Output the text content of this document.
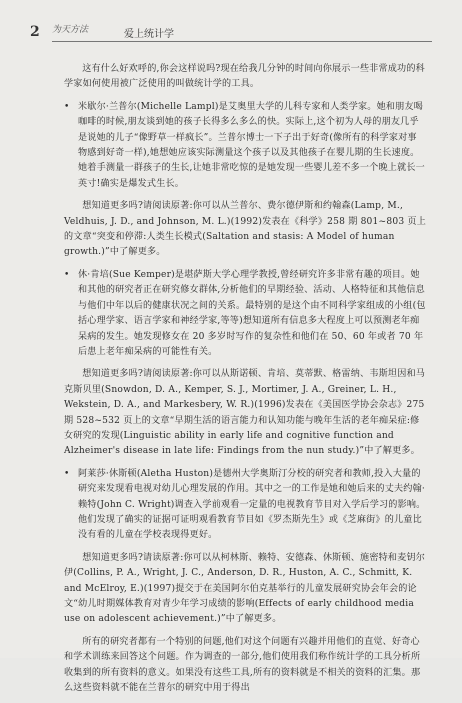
2 为天方法	爱上统计学

这有什么好欢呼的,你会这样说吗?现在给我几分钟的时间向你展示一些非常成功的科学家如何使用被广泛使用的叫做统计学的工具。

• 米歇尔·兰普尔(Michelle Lampl)是艾奥里大学的儿科专家和人类学家。她和朋友喝咖啡的时候,朋友谈到她的孩子长得多么多么的快。实际上,这个初为人母的朋友几乎是说她的儿子“像野草一样疯长”。兰普尔博士一下子出于好奇(像所有的科学家对事物感到好奇一样),她想她应该实际测量这个孩子以及其他孩子在婴儿期的生长速度。她着手测量一群孩子的生长,让她非常吃惊的是她发现一些婴儿差不多一个晚上就长一英寸!确实是爆发式生长。

想知道更多吗?请阅读原著:你可以从兰普尔、费尔德伊斯和约翰森(Lamp, M., Veldhuis, J. D., and Johnson, M. L.)(1992)发表在《科学》258 期 801~803 页上的文章“突变和停滞:人类生长模式(Saltation and stasis: A Model of human growth.)”中了解更多。

• 休·肯培(Sue Kemper)是堪萨斯大学心理学教授,曾经研究许多非常有趣的项目。她和其他的研究者正在研究修女群体,分析他们的早期经验、活动、人格特征和其他信息与他们中年以后的健康状况之间的关系。最特别的是这个由不同科学家组成的小组(包括心理学家、语言学家和神经学家,等等)想知道所有信息多大程度上可以预测老年痴呆病的发生。她发现修女在 20 多岁时写作的复杂性和他们在 50、60 年或者 70 年后患上老年痴呆病的可能性有关。

想知道更多吗?请阅读原著:你可以从斯诺顿、肯培、莫蒂默、格雷纳、韦斯坦因和马克斯贝里(Snowdon, D. A., Kemper, S. J., Mortimer, J. A., Greiner, L. H., Wekstein, D. A., and Markesbery, W. R.)(1996)发表在《美国医学协会杂志》275 期 528~532 页上的文章“早期生活的语言能力和认知功能与晚年生活的老年痴呆症:修女研究的发现(Linguistic ability in early life and cognitive function and Alzheimer's disease in late life: Findings from the nun study.)”中了解更多。

• 阿莱莎·休斯顿(Aletha Huston)是德州大学奥斯汀分校的研究者和教师,投入大量的研究来发现看电视对幼儿心理发展的作用。其中之一的工作是她和她后来的丈夫约翰·赖特(John C. Wright)调查入学前观看一定量的电视教育节目对入学后学习的影响。他们发现了确实的证据可证明观看教育节目如《罗杰斯先生》或《芝麻街》的儿童比没有看的儿童在学校表现得更好。

想知道更多吗?请读原著:你可以从柯林斯、赖特、安德森、休斯顿、施密特和麦钥尔伊(Collins, P. A., Wright, J. C., Anderson, D. R., Huston, A. C., Schmitt, K. and McElroy, E.)(1997)提交于在美国阿尔伯克基举行的儿童发展研究协会年会的论文“幼儿时期媒体教育对青少年学习成绩的影响(Effects of early childhood media use on adolescent achievement.)”中了解更多。

所有的研究者都有一个特别的问题,他们对这个问题有兴趣并用他们的直觉、好奇心和学术训练来回答这个问题。作为调查的一部分,他们使用我们称作统计学的工具分析所收集到的所有资料的意义。如果没有这些工具,所有的资料就是不相关的资料的汇集。那么这些资料就不能在兰普尔的研究中用于得出
